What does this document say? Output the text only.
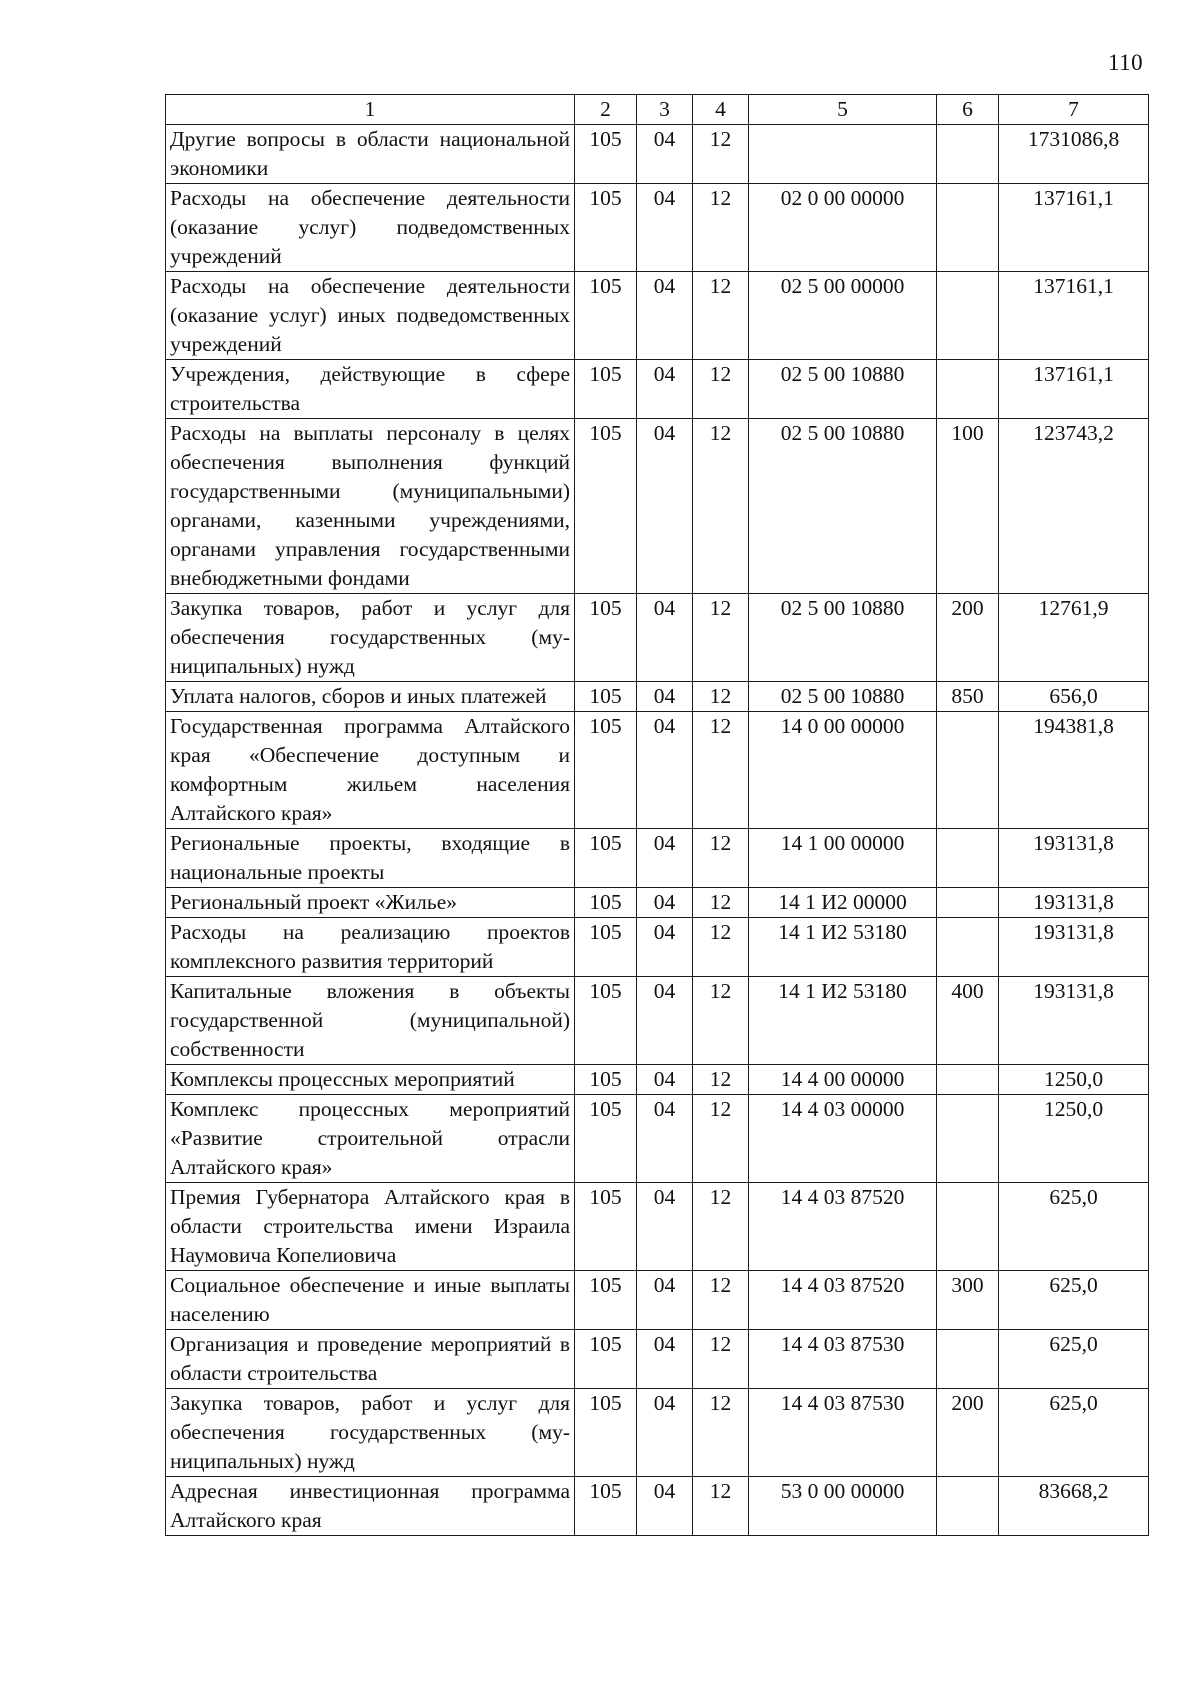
110
1	2	3	4	5	6	7
Другие вопросы в области национальной экономики	105	04	12			1731086,8
Расходы на обеспечение деятельности (оказание услуг) подведомственных учреждений	105	04	12	02 0 00 00000		137161,1
Расходы на обеспечение деятельности (оказание услуг) иных подведомственных учреждений	105	04	12	02 5 00 00000		137161,1
Учреждения, действующие в сфере строительства	105	04	12	02 5 00 10880		137161,1
Расходы на выплаты персоналу в целях обеспечения выполнения функций государственными (муниципальными) органами, казенными учреждениями, органами управления государственными внебюджетными фондами	105	04	12	02 5 00 10880	100	123743,2
Закупка товаров, работ и услуг для обеспечения государственных (муниципальных) нужд	105	04	12	02 5 00 10880	200	12761,9
Уплата налогов, сборов и иных платежей	105	04	12	02 5 00 10880	850	656,0
Государственная программа Алтайского края «Обеспечение доступным и комфортным жильем населения Алтайского края»	105	04	12	14 0 00 00000		194381,8
Региональные проекты, входящие в национальные проекты	105	04	12	14 1 00 00000		193131,8
Региональный проект «Жилье»	105	04	12	14 1 И2 00000		193131,8
Расходы на реализацию проектов комплексного развития территорий	105	04	12	14 1 И2 53180		193131,8
Капитальные вложения в объекты государственной (муниципальной) собственности	105	04	12	14 1 И2 53180	400	193131,8
Комплексы процессных мероприятий	105	04	12	14 4 00 00000		1250,0
Комплекс процессных мероприятий «Развитие строительной отрасли Алтайского края»	105	04	12	14 4 03 00000		1250,0
Премия Губернатора Алтайского края в области строительства имени Израила Наумовича Копелиовича	105	04	12	14 4 03 87520		625,0
Социальное обеспечение и иные выплаты населению	105	04	12	14 4 03 87520	300	625,0
Организация и проведение мероприятий в области строительства	105	04	12	14 4 03 87530		625,0
Закупка товаров, работ и услуг для обеспечения государственных (муниципальных) нужд	105	04	12	14 4 03 87530	200	625,0
Адресная инвестиционная программа Алтайского края	105	04	12	53 0 00 00000		83668,2
